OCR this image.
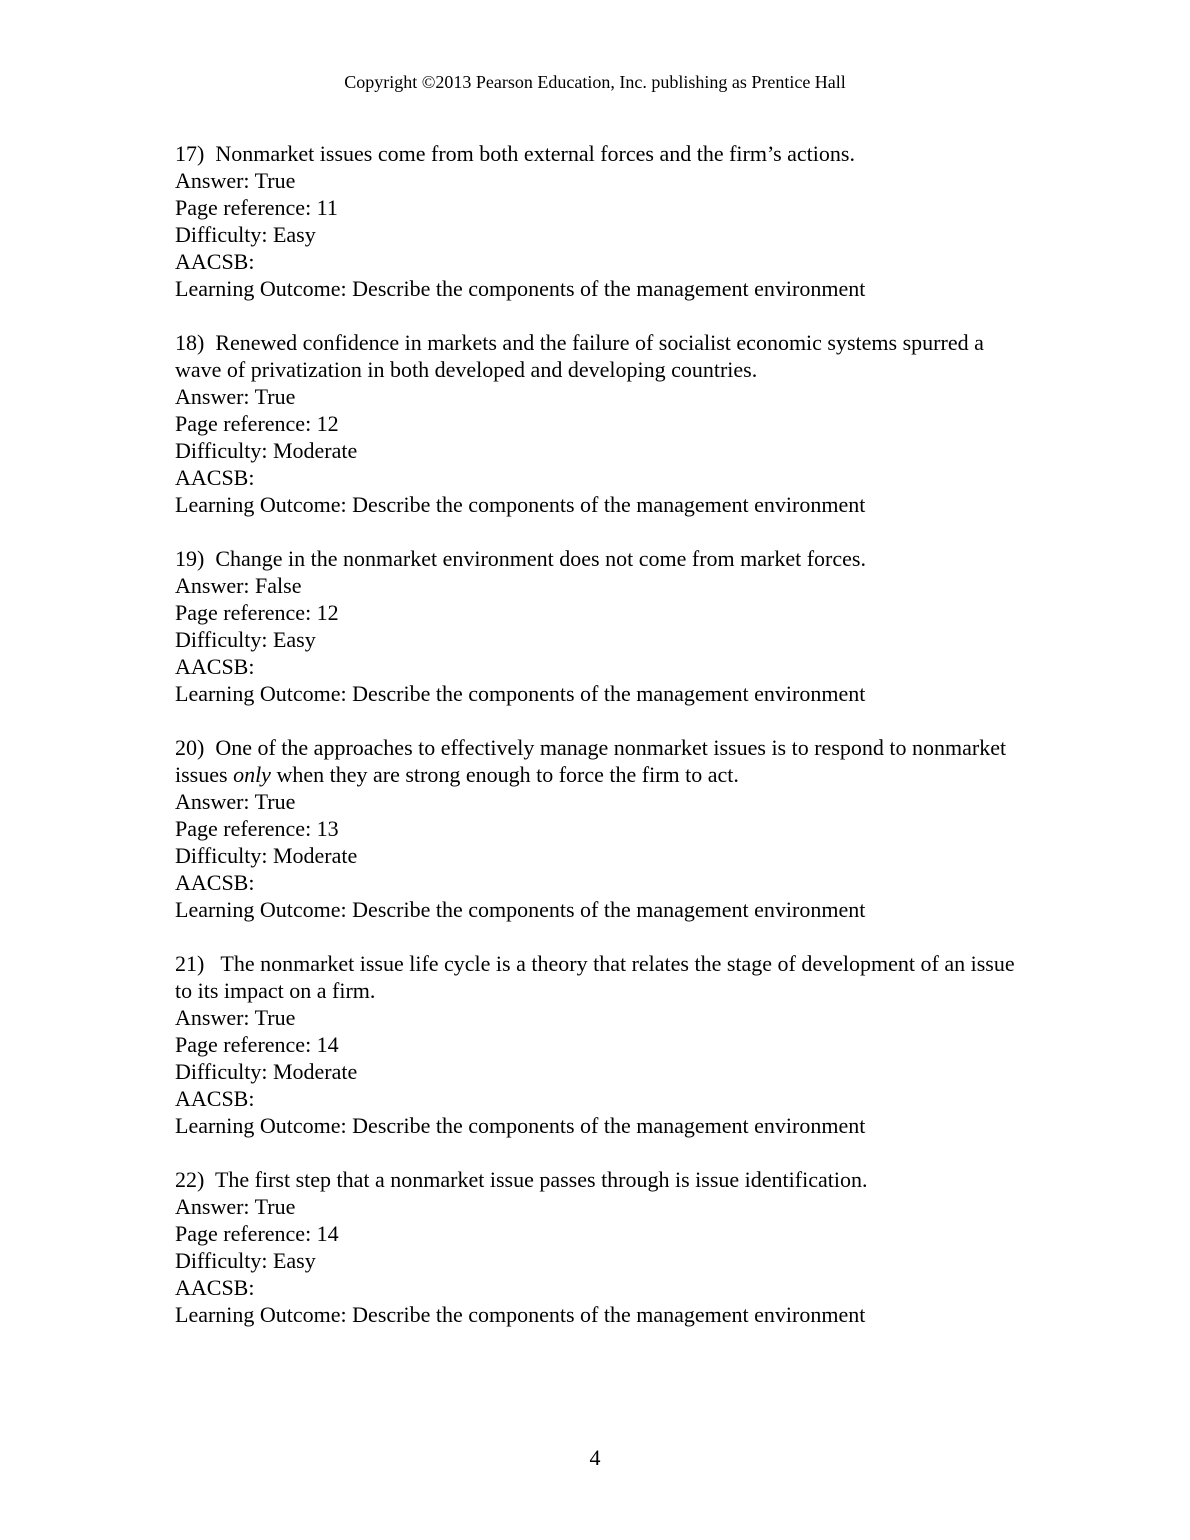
Copyright ©2013 Pearson Education, Inc. publishing as Prentice Hall
17) Nonmarket issues come from both external forces and the firm’s actions.
Answer: True
Page reference: 11
Difficulty: Easy
AACSB:
Learning Outcome: Describe the components of the management environment
18) Renewed confidence in markets and the failure of socialist economic systems spurred a wave of privatization in both developed and developing countries.
Answer: True
Page reference: 12
Difficulty: Moderate
AACSB:
Learning Outcome: Describe the components of the management environment
19) Change in the nonmarket environment does not come from market forces.
Answer: False
Page reference: 12
Difficulty: Easy
AACSB:
Learning Outcome: Describe the components of the management environment
20) One of the approaches to effectively manage nonmarket issues is to respond to nonmarket issues only when they are strong enough to force the firm to act.
Answer: True
Page reference: 13
Difficulty: Moderate
AACSB:
Learning Outcome: Describe the components of the management environment
21)   The nonmarket issue life cycle is a theory that relates the stage of development of an issue to its impact on a firm.
Answer: True
Page reference: 14
Difficulty: Moderate
AACSB:
Learning Outcome: Describe the components of the management environment
22) The first step that a nonmarket issue passes through is issue identification.
Answer: True
Page reference: 14
Difficulty: Easy
AACSB:
Learning Outcome: Describe the components of the management environment
4
